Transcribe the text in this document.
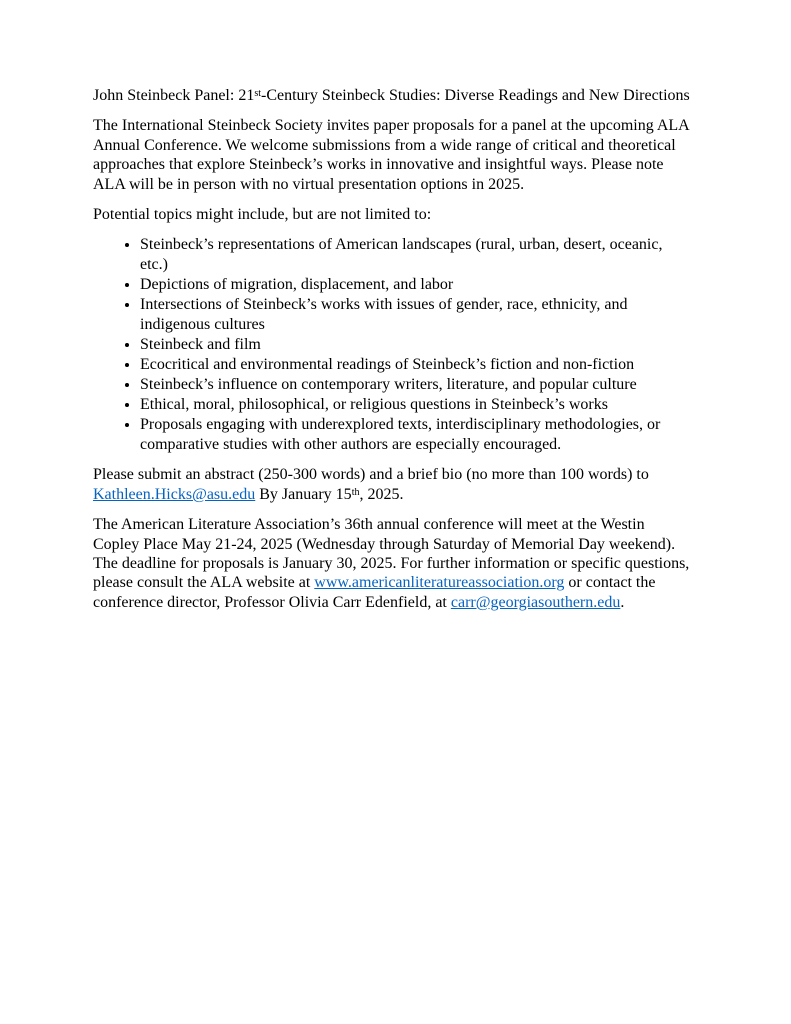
John Steinbeck Panel: 21st-Century Steinbeck Studies: Diverse Readings and New Directions

The International Steinbeck Society invites paper proposals for a panel at the upcoming ALA Annual Conference. We welcome submissions from a wide range of critical and theoretical approaches that explore Steinbeck’s works in innovative and insightful ways. Please note ALA will be in person with no virtual presentation options in 2025.

Potential topics might include, but are not limited to:

• Steinbeck’s representations of American landscapes (rural, urban, desert, oceanic, etc.)
• Depictions of migration, displacement, and labor
• Intersections of Steinbeck’s works with issues of gender, race, ethnicity, and indigenous cultures
• Steinbeck and film
• Ecocritical and environmental readings of Steinbeck’s fiction and non-fiction
• Steinbeck’s influence on contemporary writers, literature, and popular culture
• Ethical, moral, philosophical, or religious questions in Steinbeck’s works
• Proposals engaging with underexplored texts, interdisciplinary methodologies, or comparative studies with other authors are especially encouraged.

Please submit an abstract (250-300 words) and a brief bio (no more than 100 words) to Kathleen.Hicks@asu.edu By January 15th, 2025.

The American Literature Association’s 36th annual conference will meet at the Westin Copley Place May 21-24, 2025 (Wednesday through Saturday of Memorial Day weekend).  The deadline for proposals is January 30, 2025. For further information or specific questions, please consult the ALA website at www.americanliteratureassociation.org or contact the conference director, Professor Olivia Carr Edenfield, at carr@georgiasouthern.edu.
